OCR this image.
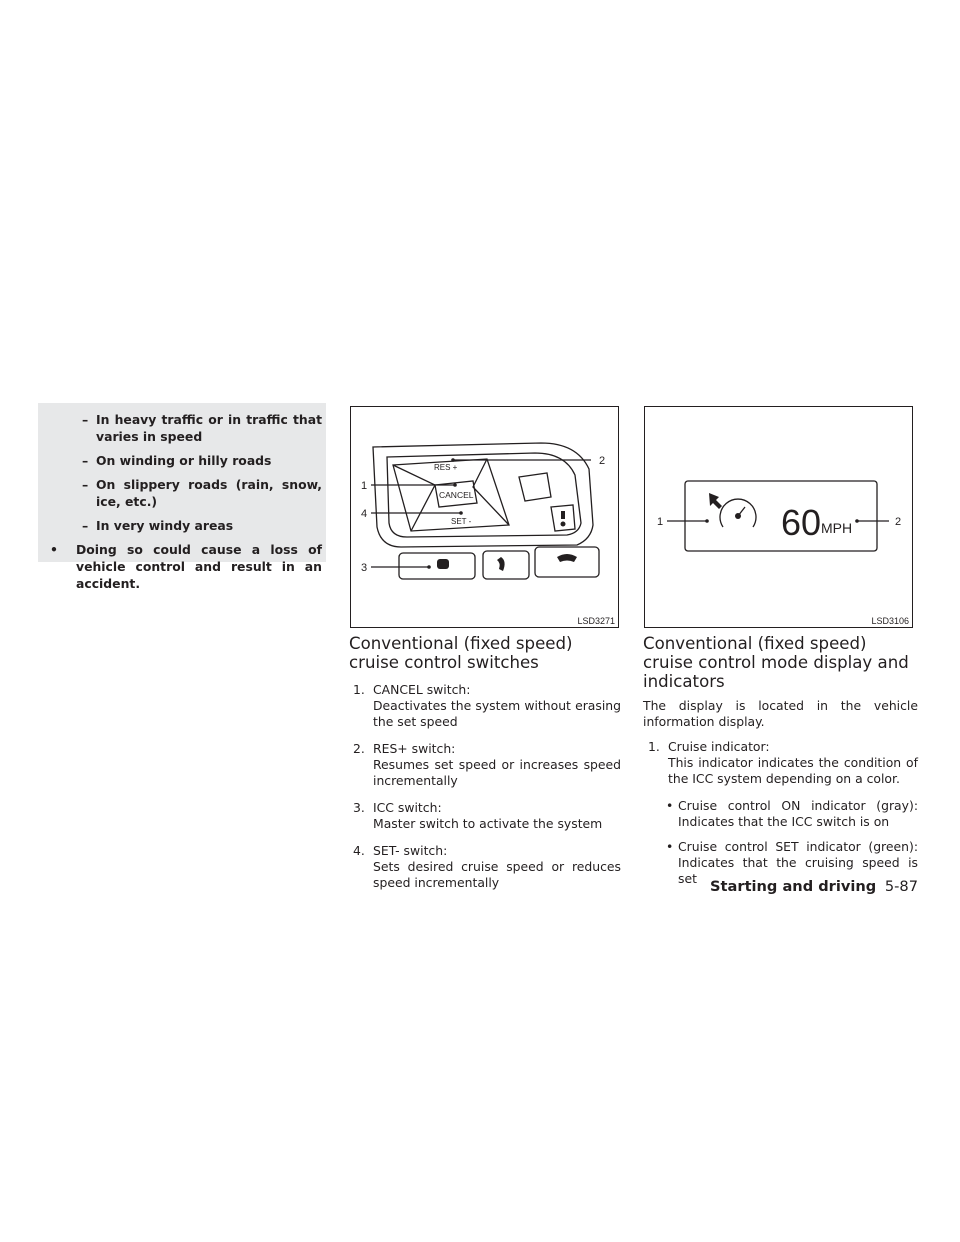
– In heavy traffic or in traffic that varies in speed
– On winding or hilly roads
– On slippery roads (rain, snow, ice, etc.)
– In very windy areas
• Doing so could cause a loss of vehicle control and result in an accident.
RES +
CANCEL
SET -
1
2
3
4
LSD3271
60 MPH
1	2
LSD3106
Conventional (fixed speed) cruise control switches
1. CANCEL switch:
Deactivates the system without erasing the set speed
2. RES+ switch:
Resumes set speed or increases speed incrementally
3. ICC switch:
Master switch to activate the system
4. SET- switch:
Sets desired cruise speed or reduces speed incrementally
Conventional (fixed speed) cruise control mode display and indicators
The display is located in the vehicle information display.
1. Cruise indicator:
This indicator indicates the condition of the ICC system depending on a color.
• Cruise control ON indicator (gray): Indicates that the ICC switch is on
• Cruise control SET indicator (green): Indicates that the cruising speed is set Starting and driving 5-87
